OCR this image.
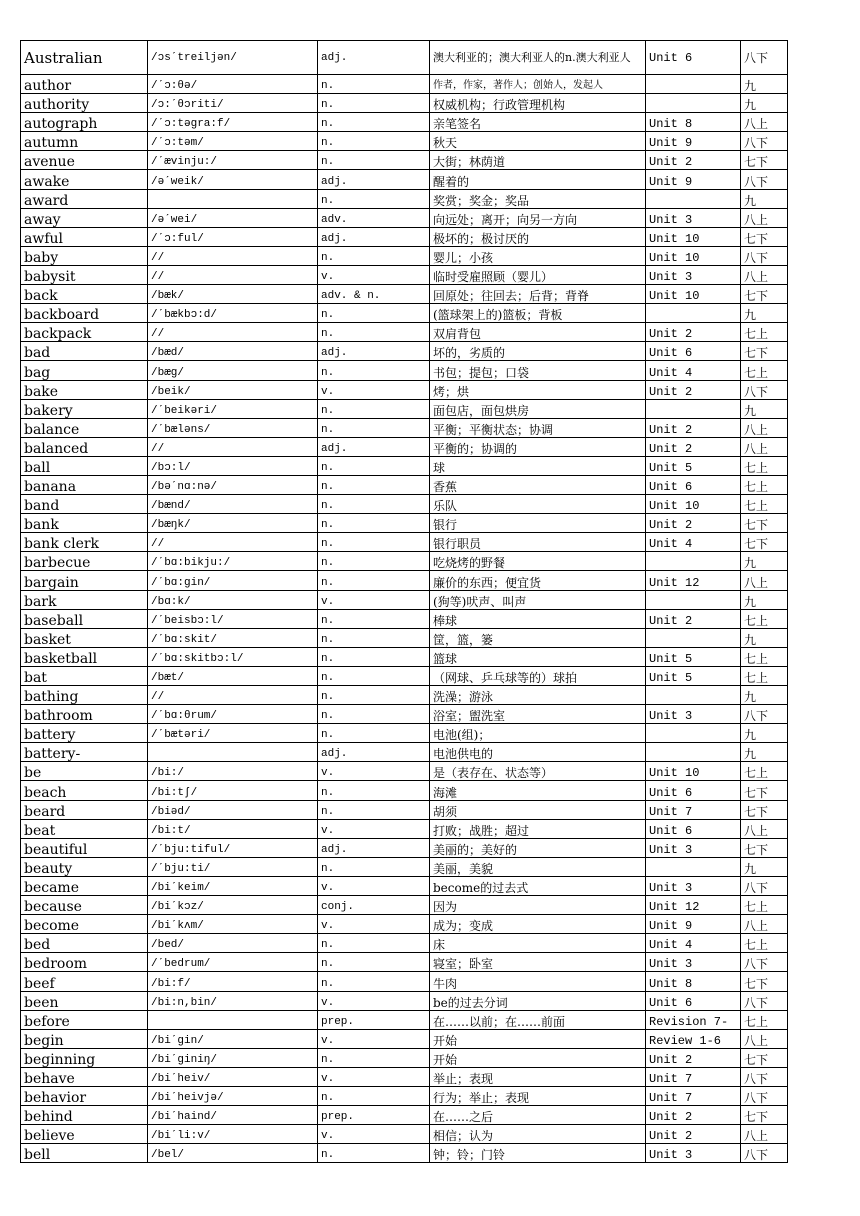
Australian	/ɔsˊtreiljən/	adj.	澳大利亚的；澳大利亚人的n.澳大利亚人	Unit 6	八下
author	/ˊɔ:θə/	n.	作者，作家，著作人；创始人，发起人		九
authority	/ɔ:ˊθɔriti/	n.	权威机构；行政管理机构		九
autograph	/ˊɔ:təgra:f/	n.	亲笔签名	Unit 8	八上
autumn	/ˊɔ:təm/	n.	秋天	Unit 9	八下
avenue	/ˊævinju:/	n.	大街；林荫道	Unit 2	七下
awake	/əˊweik/	adj.	醒着的	Unit 9	八下
award		n.	奖赏；奖金；奖品		九
away	/əˊwei/	adv.	向远处；离开；向另一方向	Unit 3	八上
awful	/ˊɔ:ful/	adj.	极坏的；极讨厌的	Unit 10	七下
baby	//	n.	婴儿；小孩	Unit 10	八下
babysit	//	v.	临时受雇照顾（婴儿）	Unit 3	八上
back	/bæk/	adv. & n.	回原处；往回去；后背；背脊	Unit 10	七下
backboard	/ˊbækbɔ:d/	n.	(篮球架上的)篮板；背板		九
backpack	//	n.	双肩背包	Unit 2	七上
bad	/bæd/	adj.	坏的，劣质的	Unit 6	七下
bag	/bæg/	n.	书包；提包；口袋	Unit 4	七上
bake	/beik/	v.	烤；烘	Unit 2	八下
bakery	/ˊbeikəri/	n.	面包店，面包烘房		九
balance	/ˊbæləns/	n.	平衡；平衡状态；协调	Unit 2	八上
balanced	//	adj.	平衡的；协调的	Unit 2	八上
ball	/bɔ:l/	n.	球	Unit 5	七上
banana	/bəˊnɑ:nə/	n.	香蕉	Unit 6	七上
band	/bænd/	n.	乐队	Unit 10	七上
bank	/bæŋk/	n.	银行	Unit 2	七下
bank clerk	//	n.	银行职员	Unit 4	七下
barbecue	/ˊbɑ:bikju:/	n.	吃烧烤的野餐		九
bargain	/ˊbɑ:gin/	n.	廉价的东西；便宜货	Unit 12	八上
bark	/bɑ:k/	v.	(狗等)吠声、叫声		九
baseball	/ˊbeisbɔ:l/	n.	棒球	Unit 2	七上
basket	/ˊbɑ:skit/	n.	筐，篮，篓		九
basketball	/ˊbɑ:skitbɔ:l/	n.	篮球	Unit 5	七上
bat	/bæt/	n.	（网球、乒乓球等的）球拍	Unit 5	七上
bathing	//	n.	洗澡；游泳		九
bathroom	/ˊbɑ:θrum/	n.	浴室；盥洗室	Unit 3	八下
battery	/ˊbætəri/	n.	电池(组)；		九
battery-		adj.	电池供电的		九
be	/bi:/	v.	是（表存在、状态等）	Unit 10	七上
beach	/bi:tʃ/	n.	海滩	Unit 6	七下
beard	/biəd/	n.	胡须	Unit 7	七下
beat	/bi:t/	v.	打败；战胜；超过	Unit 6	八上
beautiful	/ˊbju:tiful/	adj.	美丽的；美好的	Unit 3	七下
beauty	/ˊbju:ti/	n.	美丽，美貌		九
became	/biˊkeim/	v.	become的过去式	Unit 3	八下
because	/biˊkɔz/	conj.	因为	Unit 12	七上
become	/biˊkʌm/	v.	成为；变成	Unit 9	八上
bed	/bed/	n.	床	Unit 4	七上
bedroom	/ˊbedrum/	n.	寝室；卧室	Unit 3	八下
beef	/bi:f/	n.	牛肉	Unit 8	七下
been	/bi:n,bin/	v.	be的过去分词	Unit 6	八下
before		prep.	在……以前；在……前面	Revision 7-	七上
begin	/biˊgin/	v.	开始	Review 1-6	八上
beginning	/biˊginiŋ/	n.	开始	Unit 2	七下
behave	/biˊheiv/	v.	举止；表现	Unit 7	八下
behavior	/biˊheivjə/	n.	行为；举止；表现	Unit 7	八下
behind	/biˊhaind/	prep.	在……之后	Unit 2	七下
believe	/biˊli:v/	v.	相信；认为	Unit 2	八上
bell	/bel/	n.	钟；铃；门铃	Unit 3	八下
